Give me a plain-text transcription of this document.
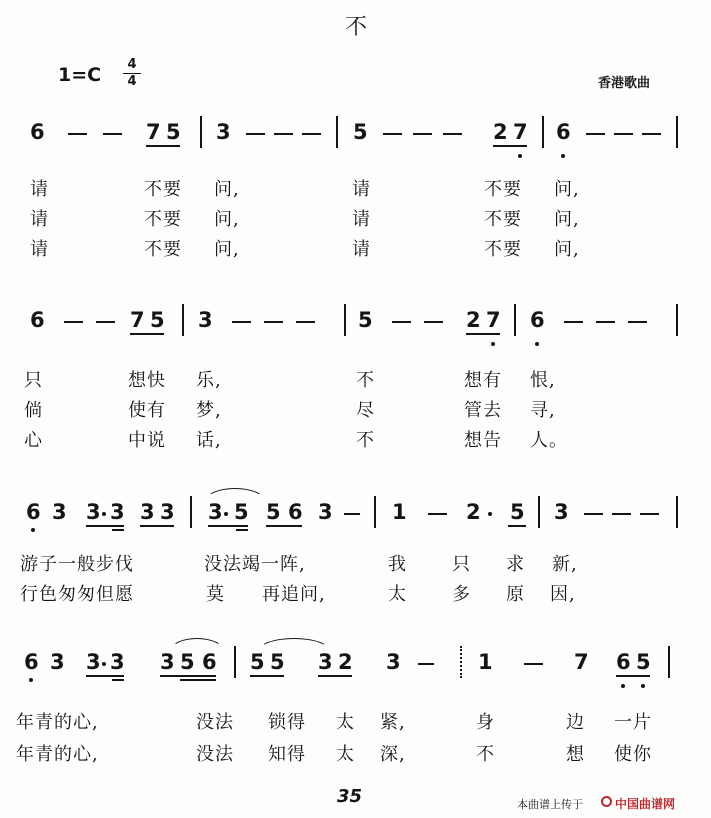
不
1=C	4
4	香港歌曲
6	7 5 3	5	2 7 6
请	不要 问,	请	不要 问,
请	不要 问,	请	不要 问,
请	不要 问,	请	不要 问,
6	7 5 3	5	2 7 6
只	想快 乐,	不	想有 恨,
倘	使有 梦,	尽	管去 寻,
心	中说 话,	不	想告 人。
6 3 3 3 3 3 3 5 5 6 3	1	2 5 3
游子一般步伐	没法竭一阵,	我	只 求 新,
行色匆匆但愿	莫 再追问,	太	多 原 因,
6 3 3 3 3 5 6 5 5 3 2 3	1	7 6 5
年青的心,	没法 锁得 太 紧,	身	边 一片
年青的心,	没法 知得 太 深,	不	想 使你
35	本曲谱上传于	中国曲谱网
